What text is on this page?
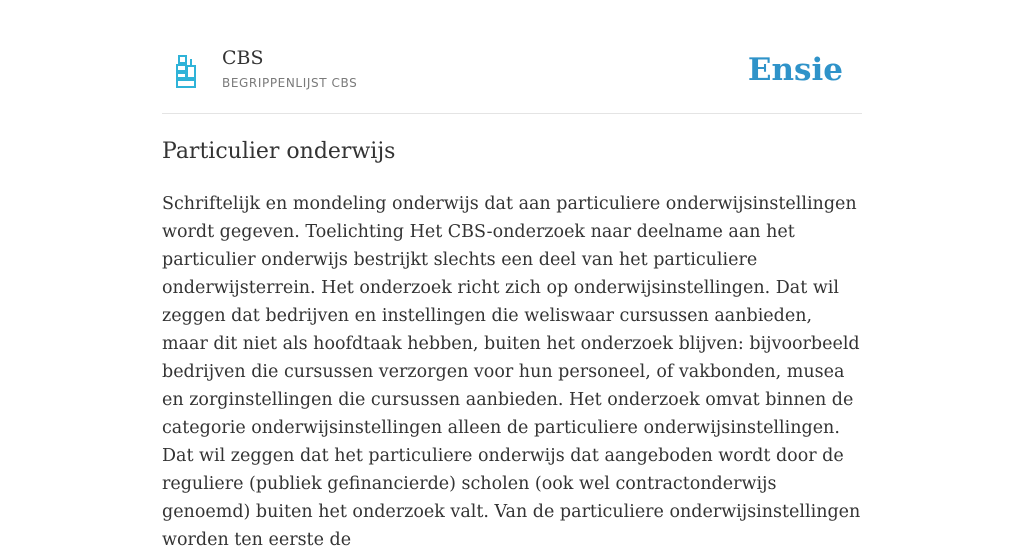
CBS
BEGRIPPENLIJST CBS	Ensie
Particulier onderwijs

Schriftelijk en mondeling onderwijs dat aan particuliere onderwijsinstellingen wordt gegeven. Toelichting Het CBS-onderzoek naar deelname aan het particulier onderwijs bestrijkt slechts een deel van het particuliere onderwijsterrein. Het onderzoek richt zich op onderwijsinstellingen. Dat wil zeggen dat bedrijven en instellingen die weliswaar cursussen aanbieden, maar dit niet als hoofdtaak hebben, buiten het onderzoek blijven: bijvoorbeeld bedrijven die cursussen verzorgen voor hun personeel, of vakbonden, musea en zorginstellingen die cursussen aanbieden. Het onderzoek omvat binnen de categorie onderwijsinstellingen alleen de particuliere onderwijsinstellingen. Dat wil zeggen dat het particuliere onderwijs dat aangeboden wordt door de reguliere (publiek gefinancierde) scholen (ook wel contractonderwijs genoemd) buiten het onderzoek valt. Van de particuliere onderwijsinstellingen worden ten eerste de
